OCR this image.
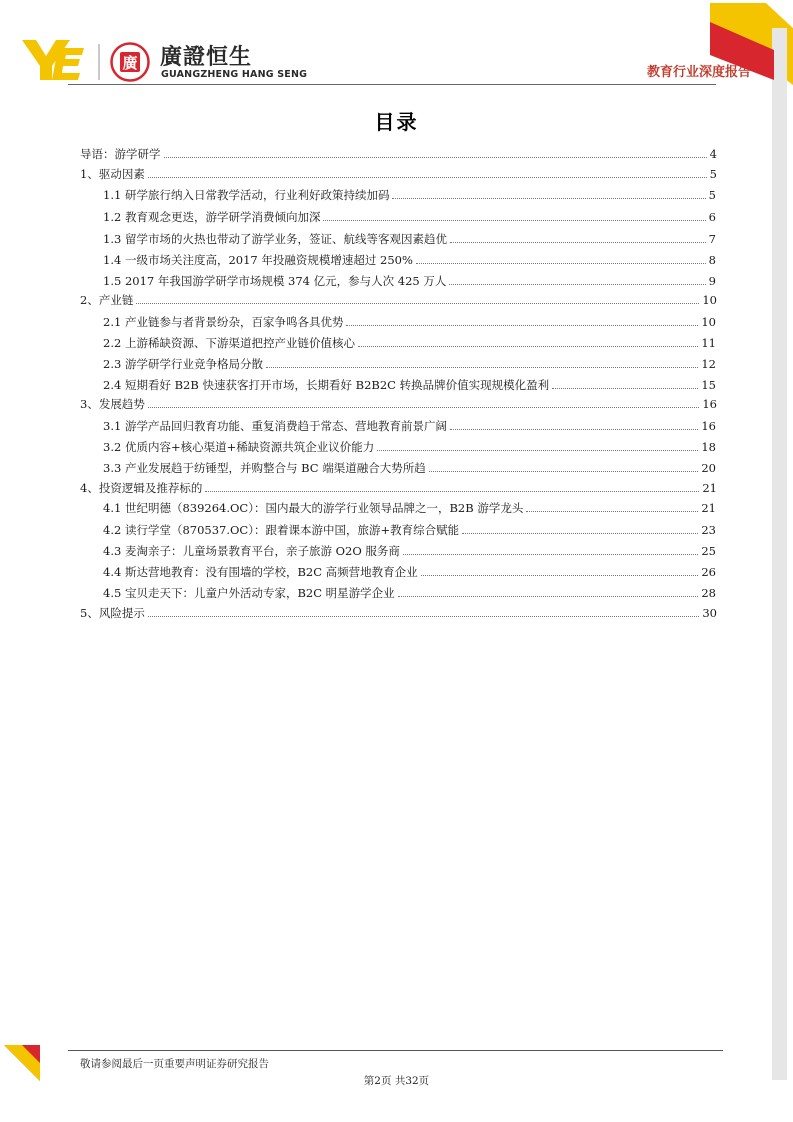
廣 廣證恒生
GUANGZHENG HANG SENG	教育行业深度报告
目录
导语：游学研学	4
1、驱动因素	5
1.1 研学旅行纳入日常教学活动，行业利好政策持续加码	5
1.2 教育观念更迭，游学研学消费倾向加深	6
1.3 留学市场的火热也带动了游学业务，签证、航线等客观因素趋优	7
1.4 一级市场关注度高，2017 年投融资规模增速超过 250%	8
1.5 2017 年我国游学研学市场规模 374 亿元，参与人次 425 万人	9
2、产业链	10
2.1 产业链参与者背景纷杂，百家争鸣各具优势	10
2.2 上游稀缺资源、下游渠道把控产业链价值核心	11
2.3 游学研学行业竞争格局分散	12
2.4 短期看好 B2B 快速获客打开市场，长期看好 B2B2C 转换品牌价值实现规模化盈利	15
3、发展趋势	16
3.1 游学产品回归教育功能、重复消费趋于常态、营地教育前景广阔	16
3.2 优质内容+核心渠道+稀缺资源共筑企业议价能力	18
3.3 产业发展趋于纺锤型，并购整合与 BC 端渠道融合大势所趋	20
4、投资逻辑及推荐标的	21
4.1 世纪明德（839264.OC）：国内最大的游学行业领导品牌之一，B2B 游学龙头	21
4.2 读行学堂（870537.OC）：跟着课本游中国，旅游+教育综合赋能	23
4.3 麦淘亲子：儿童场景教育平台，亲子旅游 O2O 服务商	25
4.4 斯达营地教育：没有围墙的学校，B2C 高频营地教育企业	26
4.5 宝贝走天下：儿童户外活动专家，B2C 明星游学企业	28
5、风险提示	30
敬请参阅最后一页重要声明证券研究报告
第2页 共32页
